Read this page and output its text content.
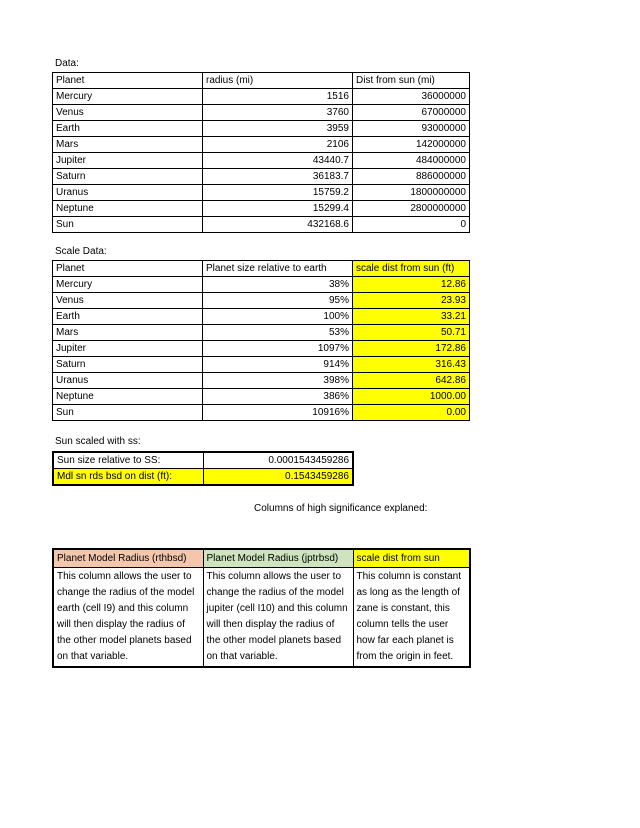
Data:
Planet	radius (mi)	Dist from sun (mi)
Mercury	1516	36000000
Venus	3760	67000000
Earth	3959	93000000
Mars	2106	142000000
Jupiter	43440.7	484000000
Saturn	36183.7	886000000
Uranus	15759.2	1800000000
Neptune	15299.4	2800000000
Sun	432168.6	0
Scale Data:
Planet	Planet size relative to earth	scale dist from sun (ft)
Mercury	38%	12.86
Venus	95%	23.93
Earth	100%	33.21
Mars	53%	50.71
Jupiter	1097%	172.86
Saturn	914%	316.43
Uranus	398%	642.86
Neptune	386%	1000.00
Sun	10916%	0.00
Sun scaled with ss:
Sun size relative to SS:	0.0001543459286
Mdl sn rds bsd on dist (ft):	0.1543459286
Columns of high significance explaned:
Planet Model Radius (rthbsd)	Planet Model Radius (jptrbsd)	scale dist from sun
This column allows the user to change the radius of the model earth (cell I9) and this column will then display the radius of the other model planets based on that variable.	This column allows the user to change the radius of the model jupiter (cell I10) and this column will then display the radius of the other model planets based on that variable.	This column is constant as long as the length of zane is constant, this column tells the user how far each planet is from the origin in feet.
